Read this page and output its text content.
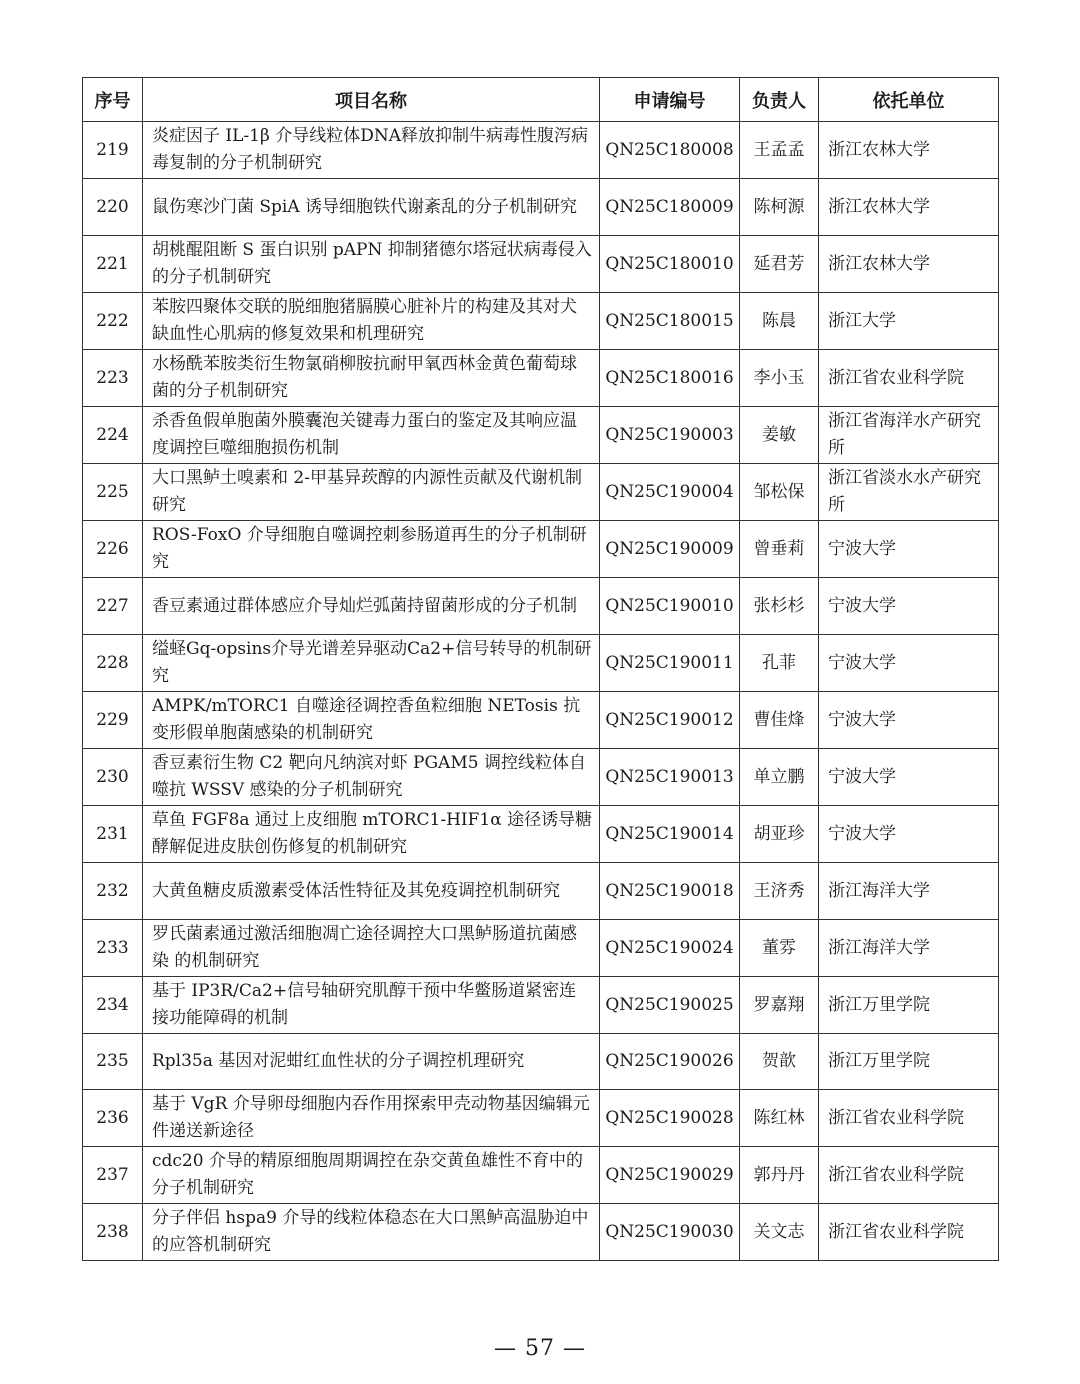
序号	项目名称	申请编号	负责人	依托单位
219	炎症因子 IL-1β 介导线粒体DNA释放抑制牛病毒性腹泻病毒复制的分子机制研究	QN25C180008	王孟孟	浙江农林大学
220	鼠伤寒沙门菌 SpiA 诱导细胞铁代谢紊乱的分子机制研究	QN25C180009	陈柯源	浙江农林大学
221	胡桃醌阻断 S 蛋白识别 pAPN 抑制猪德尔塔冠状病毒侵入的分子机制研究	QN25C180010	延君芳	浙江农林大学
222	苯胺四聚体交联的脱细胞猪膈膜心脏补片的构建及其对犬缺血性心肌病的修复效果和机理研究	QN25C180015	陈晨	浙江大学
223	水杨酰苯胺类衍生物氯硝柳胺抗耐甲氧西林金黄色葡萄球菌的分子机制研究	QN25C180016	李小玉	浙江省农业科学院
224	杀香鱼假单胞菌外膜囊泡关键毒力蛋白的鉴定及其响应温度调控巨噬细胞损伤机制	QN25C190003	姜敏	浙江省海洋水产研究所
225	大口黑鲈土嗅素和 2-甲基异莰醇的内源性贡献及代谢机制研究	QN25C190004	邹松保	浙江省淡水水产研究所
226	ROS-FoxO 介导细胞自噬调控刺参肠道再生的分子机制研究	QN25C190009	曾垂莉	宁波大学
227	香豆素通过群体感应介导灿烂弧菌持留菌形成的分子机制	QN25C190010	张杉杉	宁波大学
228	缢蛏Gq-opsins介导光谱差异驱动Ca2+信号转导的机制研究	QN25C190011	孔菲	宁波大学
229	AMPK/mTORC1 自噬途径调控香鱼粒细胞 NETosis 抗变形假单胞菌感染的机制研究	QN25C190012	曹佳烽	宁波大学
230	香豆素衍生物 C2 靶向凡纳滨对虾 PGAM5 调控线粒体自噬抗 WSSV 感染的分子机制研究	QN25C190013	单立鹏	宁波大学
231	草鱼 FGF8a 通过上皮细胞 mTORC1-HIF1α 途径诱导糖酵解促进皮肤创伤修复的机制研究	QN25C190014	胡亚珍	宁波大学
232	大黄鱼糖皮质激素受体活性特征及其免疫调控机制研究	QN25C190018	王济秀	浙江海洋大学
233	罗氏菌素通过激活细胞凋亡途径调控大口黑鲈肠道抗菌感染 的机制研究	QN25C190024	董雰	浙江海洋大学
234	基于 IP3R/Ca2+信号轴研究肌醇干预中华鳖肠道紧密连接功能障碍的机制	QN25C190025	罗嘉翔	浙江万里学院
235	Rpl35a 基因对泥蚶红血性状的分子调控机理研究	QN25C190026	贺歆	浙江万里学院
236	基于 VgR 介导卵母细胞内吞作用探索甲壳动物基因编辑元件递送新途径	QN25C190028	陈红林	浙江省农业科学院
237	cdc20 介导的精原细胞周期调控在杂交黄鱼雄性不育中的分子机制研究	QN25C190029	郭丹丹	浙江省农业科学院
238	分子伴侣 hspa9 介导的线粒体稳态在大口黑鲈高温胁迫中的应答机制研究	QN25C190030	关文志	浙江省农业科学院
— 57 —
